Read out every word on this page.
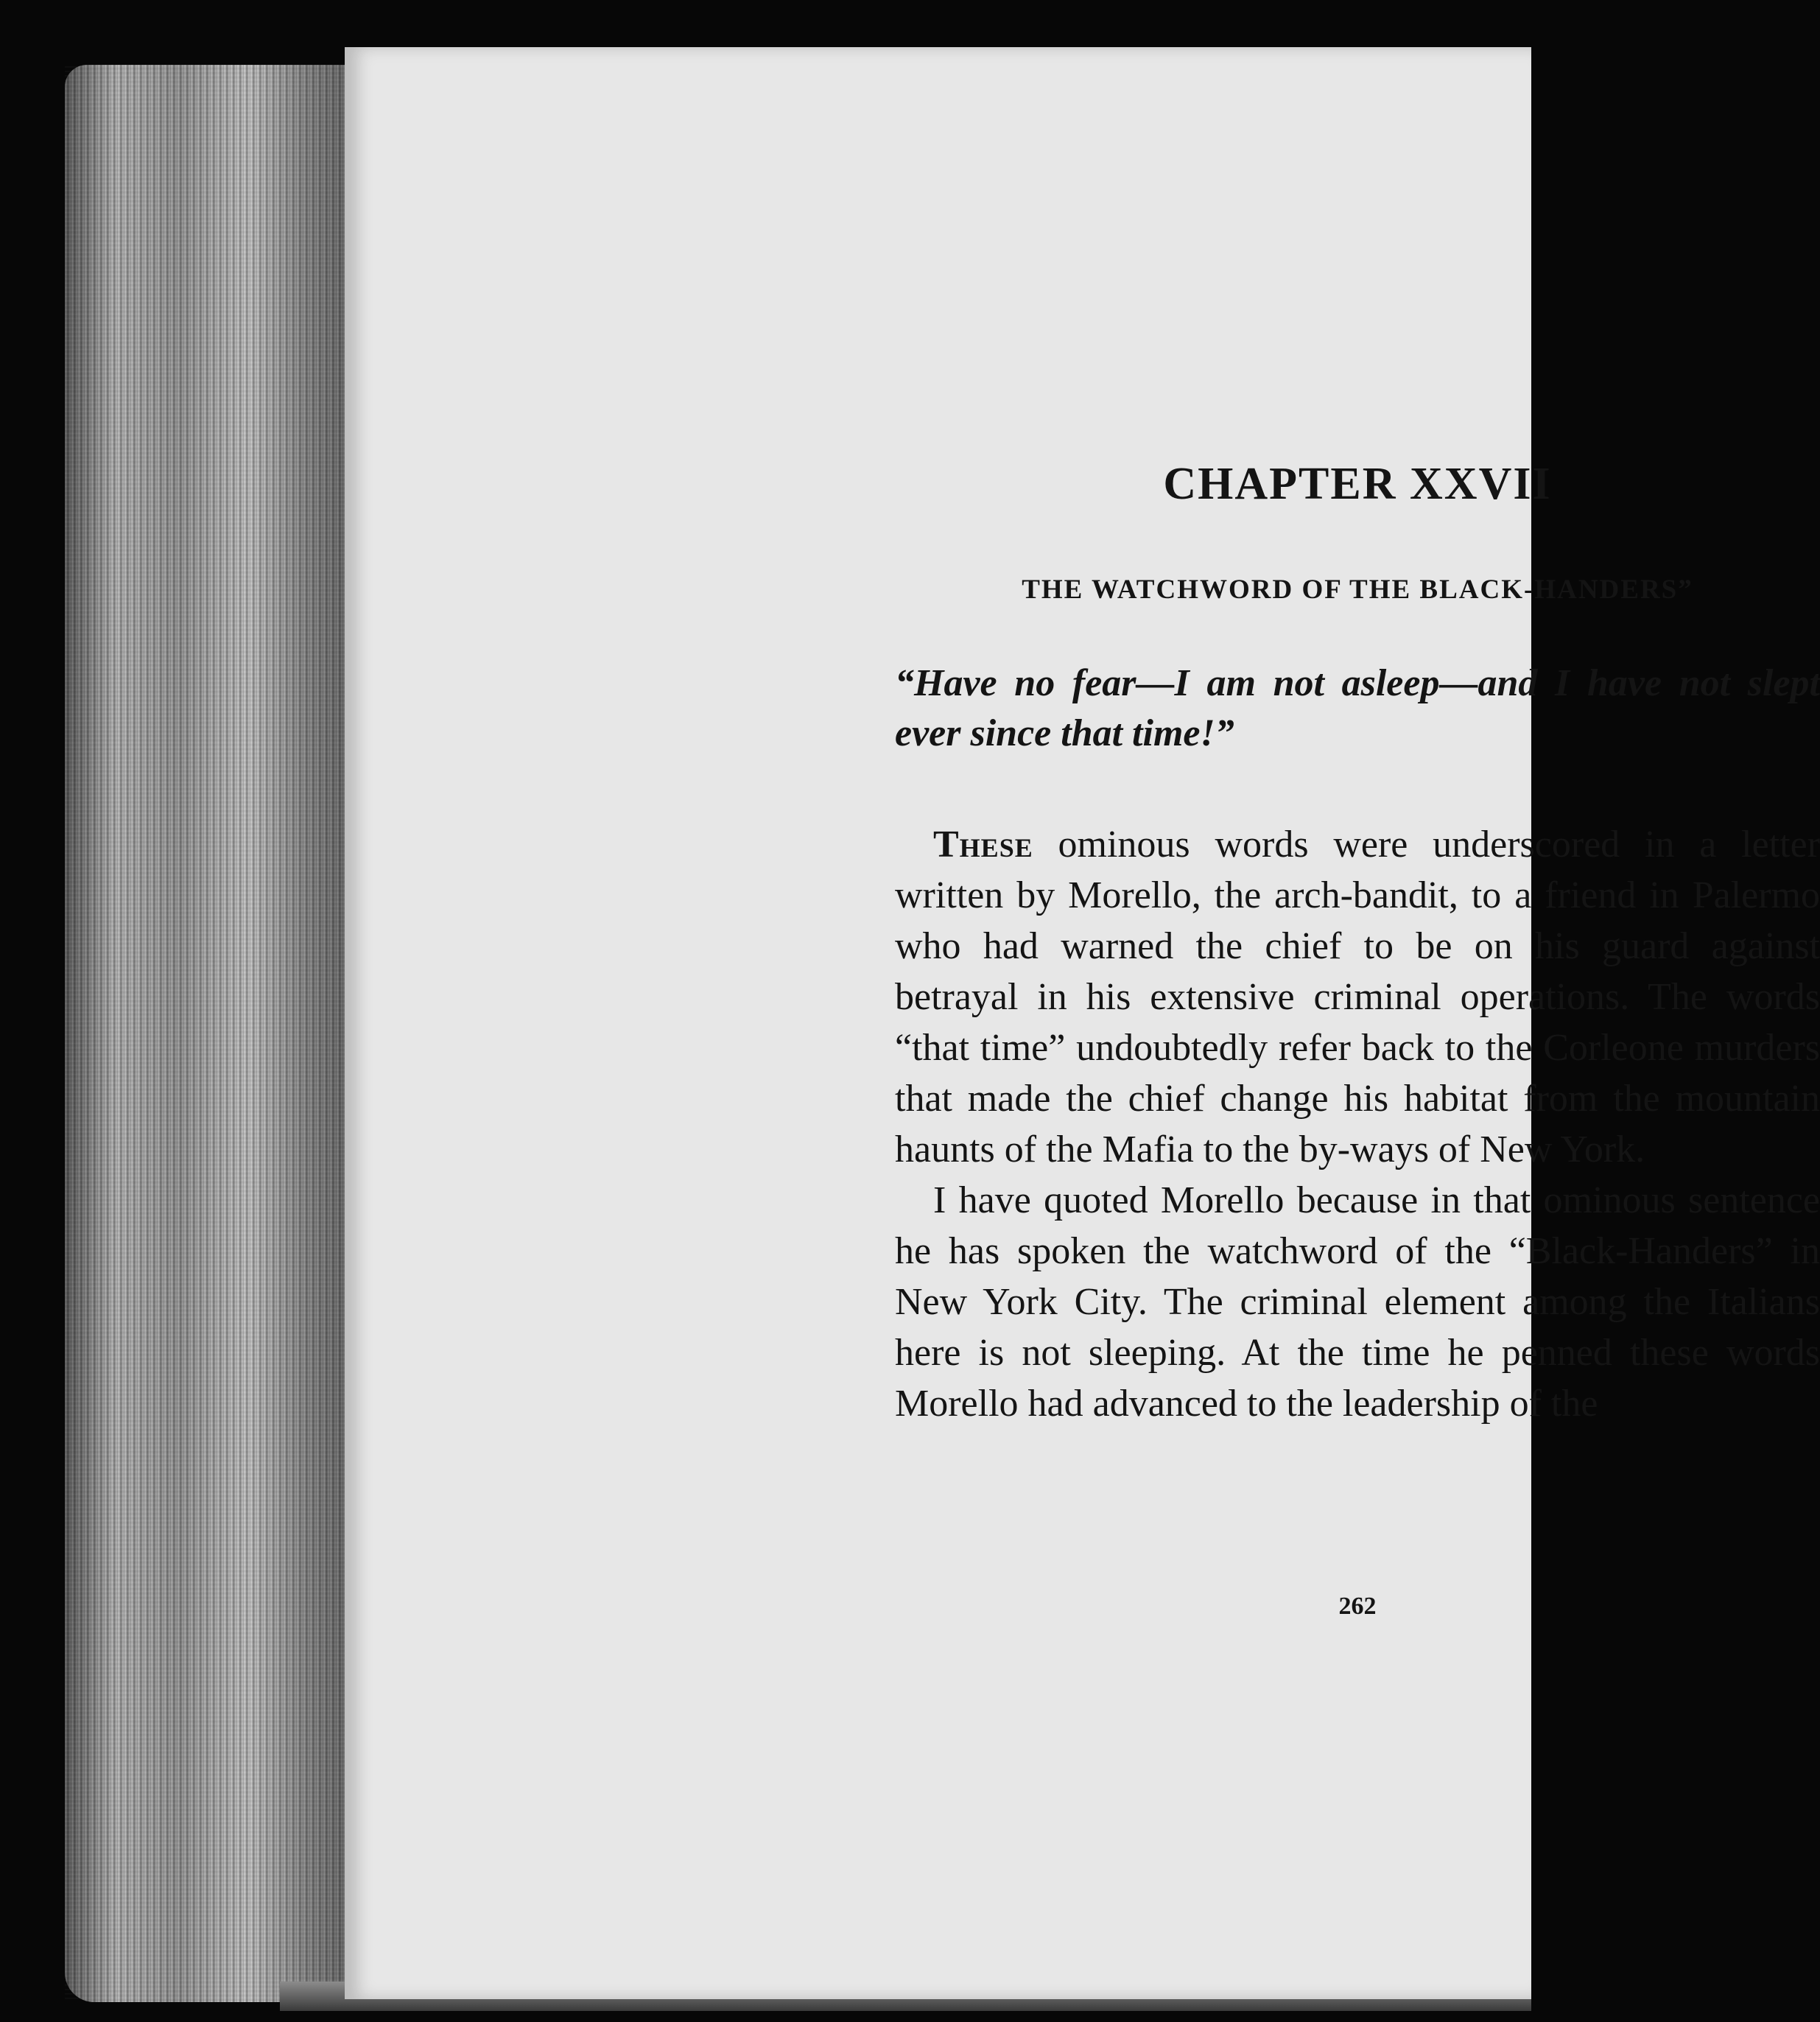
CHAPTER XXVII
THE WATCHWORD OF THE BLACK-HANDERS”

“Have no fear—I am not asleep—and I have not slept ever since that time!”

These ominous words were underscored in a letter written by Morello, the arch-bandit, to a friend in Palermo who had warned the chief to be on his guard against betrayal in his extensive criminal operations. The words “that time” undoubtedly refer back to the Corleone murders that made the chief change his habitat from the mountain haunts of the Mafia to the by-ways of New York.

I have quoted Morello because in that ominous sentence he has spoken the watchword of the “Black-Handers” in New York City. The criminal element among the Italians here is not sleeping. At the time he penned these words Morello had advanced to the leadership of the

262
